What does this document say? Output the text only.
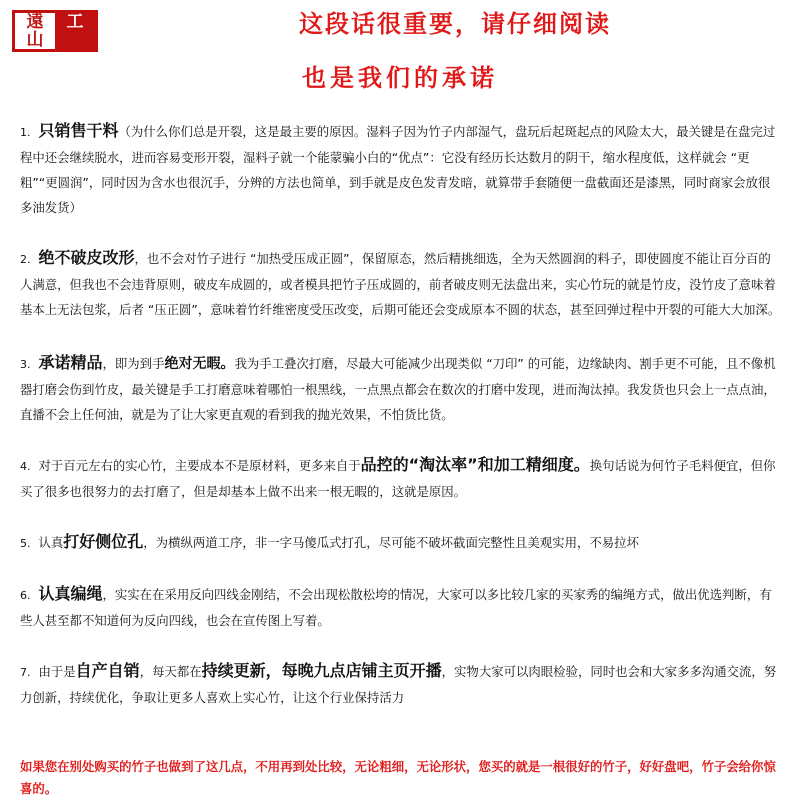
遠	工
山
这段话很重要，请仔细阅读
也是我们的承诺
1. 只销售干料（为什么你们总是开裂，这是最主要的原因。湿料子因为竹子内部湿气，盘玩后起斑起点的风险太大，最关键是在盘完过程中还会继续脱水，进而容易变形开裂，湿料子就一个能蒙骗小白的“优点”：它没有经历长达数月的阴干，缩水程度低，这样就会 “更粗”“更圆润”，同时因为含水也很沉手，分辨的方法也简单，到手就是皮色发青发暗，就算带手套随便一盘截面还是漆黑，同时商家会放很多油发货）
2. 绝不破皮改形，也不会对竹子进行 “加热受压成正圆”，保留原态，然后精挑细选，全为天然圆润的料子，即使圆度不能让百分百的人满意，但我也不会违背原则，破皮车成圆的，或者模具把竹子压成圆的，前者破皮则无法盘出来，实心竹玩的就是竹皮，没竹皮了意味着基本上无法包浆，后者 “压正圆”，意味着竹纤维密度受压改变，后期可能还会变成原本不圆的状态，甚至回弹过程中开裂的可能大大加深。
3. 承诺精品，即为到手绝对无暇。我为手工叠次打磨，尽最大可能减少出现类似 “刀印” 的可能，边缘缺肉、割手更不可能，且不像机器打磨会伤到竹皮，最关键是手工打磨意味着哪怕一根黑线，一点黑点都会在数次的打磨中发现，进而淘汰掉。我发货也只会上一点点油，直播不会上任何油，就是为了让大家更直观的看到我的抛光效果，不怕货比货。
4. 对于百元左右的实心竹，主要成本不是原材料，更多来自于品控的“淘汰率”和加工精细度。换句话说为何竹子毛料便宜，但你买了很多也很努力的去打磨了，但是却基本上做不出来一根无暇的，这就是原因。
5. 认真打好侧位孔，为横纵两道工序，非一字马傻瓜式打孔，尽可能不破坏截面完整性且美观实用，不易拉坏
6. 认真编绳，实实在在采用反向四线金刚结，不会出现松散松垮的情况，大家可以多比较几家的买家秀的编绳方式，做出优选判断，有些人甚至都不知道何为反向四线，也会在宣传图上写着。
7. 由于是自产自销，每天都在持续更新，每晚九点店铺主页开播，实物大家可以肉眼检验，同时也会和大家多多沟通交流，努力创新，持续优化，争取让更多人喜欢上实心竹，让这个行业保持活力
如果您在别处购买的竹子也做到了这几点，不用再到处比较，无论粗细，无论形状，您买的就是一根很好的竹子，好好盘吧，竹子会给你惊喜的。
